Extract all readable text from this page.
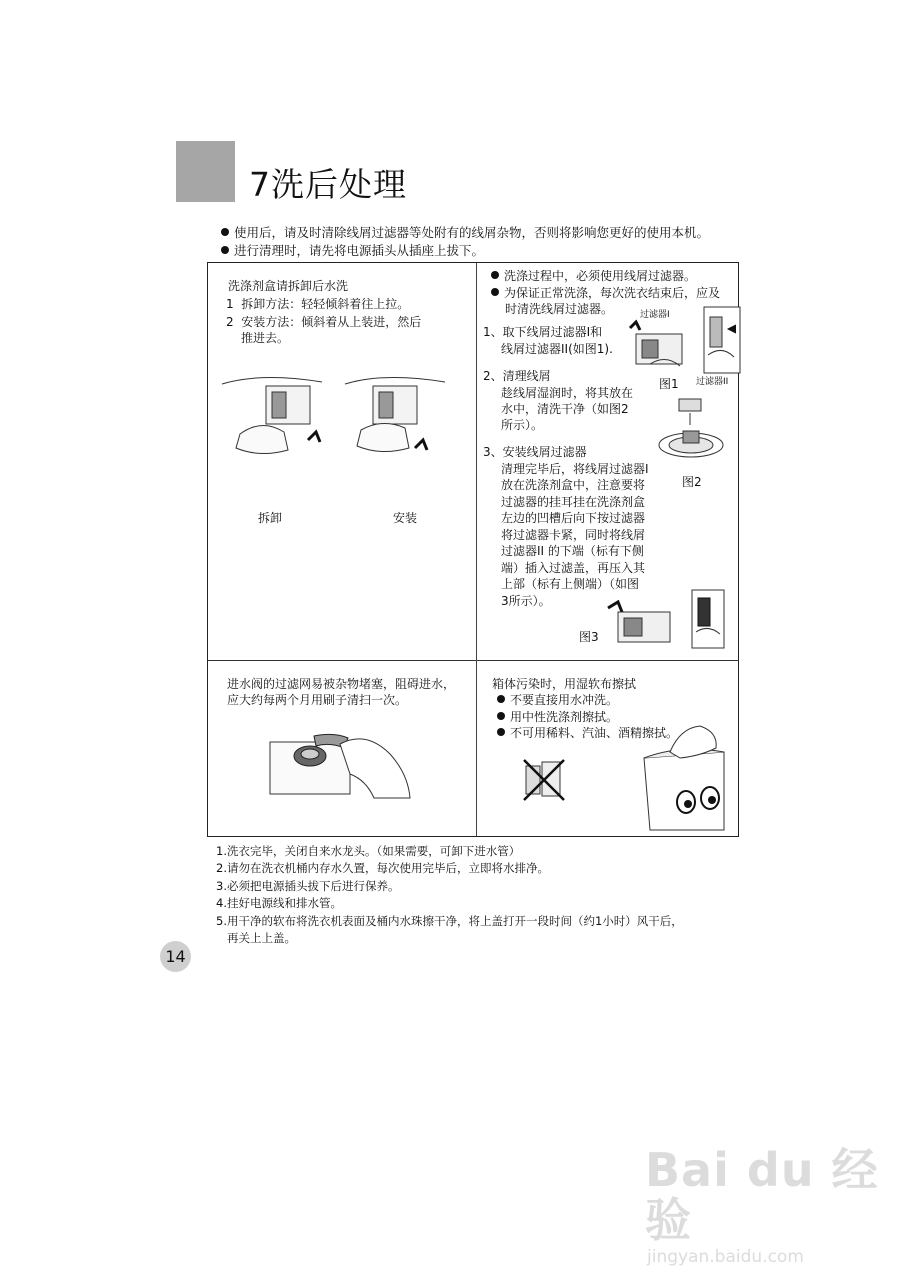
7洗后处理
使用后，请及时清除线屑过滤器等处附有的线屑杂物，否则将影响您更好的使用本机。
进行清理时，请先将电源插头从插座上拔下。
洗涤剂盒请拆卸后水洗
1  拆卸方法：轻轻倾斜着往上拉。
2  安装方法：倾斜着从上装进，然后
推进去。
拆卸	安装
洗涤过程中，必须使用线屑过滤器。
为保证正常洗涤，每次洗衣结束后，应及
时清洗线屑过滤器。
1、取下线屑过滤器I和
线屑过滤器II(如图1).
2、清理线屑
趁线屑湿润时，将其放在
水中，清洗干净（如图2
所示）。
3、安装线屑过滤器
清理完毕后，将线屑过滤器I
放在洗涤剂盒中，注意要将
过滤器的挂耳挂在洗涤剂盒
左边的凹槽后向下按过滤器
将过滤器卡紧，同时将线屑
过滤器II 的下端（标有下侧
端）插入过滤盖，再压入其
上部（标有上侧端）（如图
3所示）。
过滤器I
过滤器II
图1
图2
图3
进水阀的过滤网易被杂物堵塞，阻碍进水，
应大约每两个月用刷子清扫一次。
箱体污染时，用湿软布擦拭
不要直接用水冲洗。
用中性洗涤剂擦拭。
不可用稀料、汽油、酒精擦拭。
1.洗衣完毕，关闭自来水龙头。（如果需要，可卸下进水管）
2.请勿在洗衣机桶内存水久置，每次使用完毕后，立即将水排净。
3.必须把电源插头拔下后进行保养。
4.挂好电源线和排水管。
5.用干净的软布将洗衣机表面及桶内水珠擦干净，将上盖打开一段时间（约1小时）风干后，
再关上上盖。
14
Bai du 经验
jingyan.baidu.com
